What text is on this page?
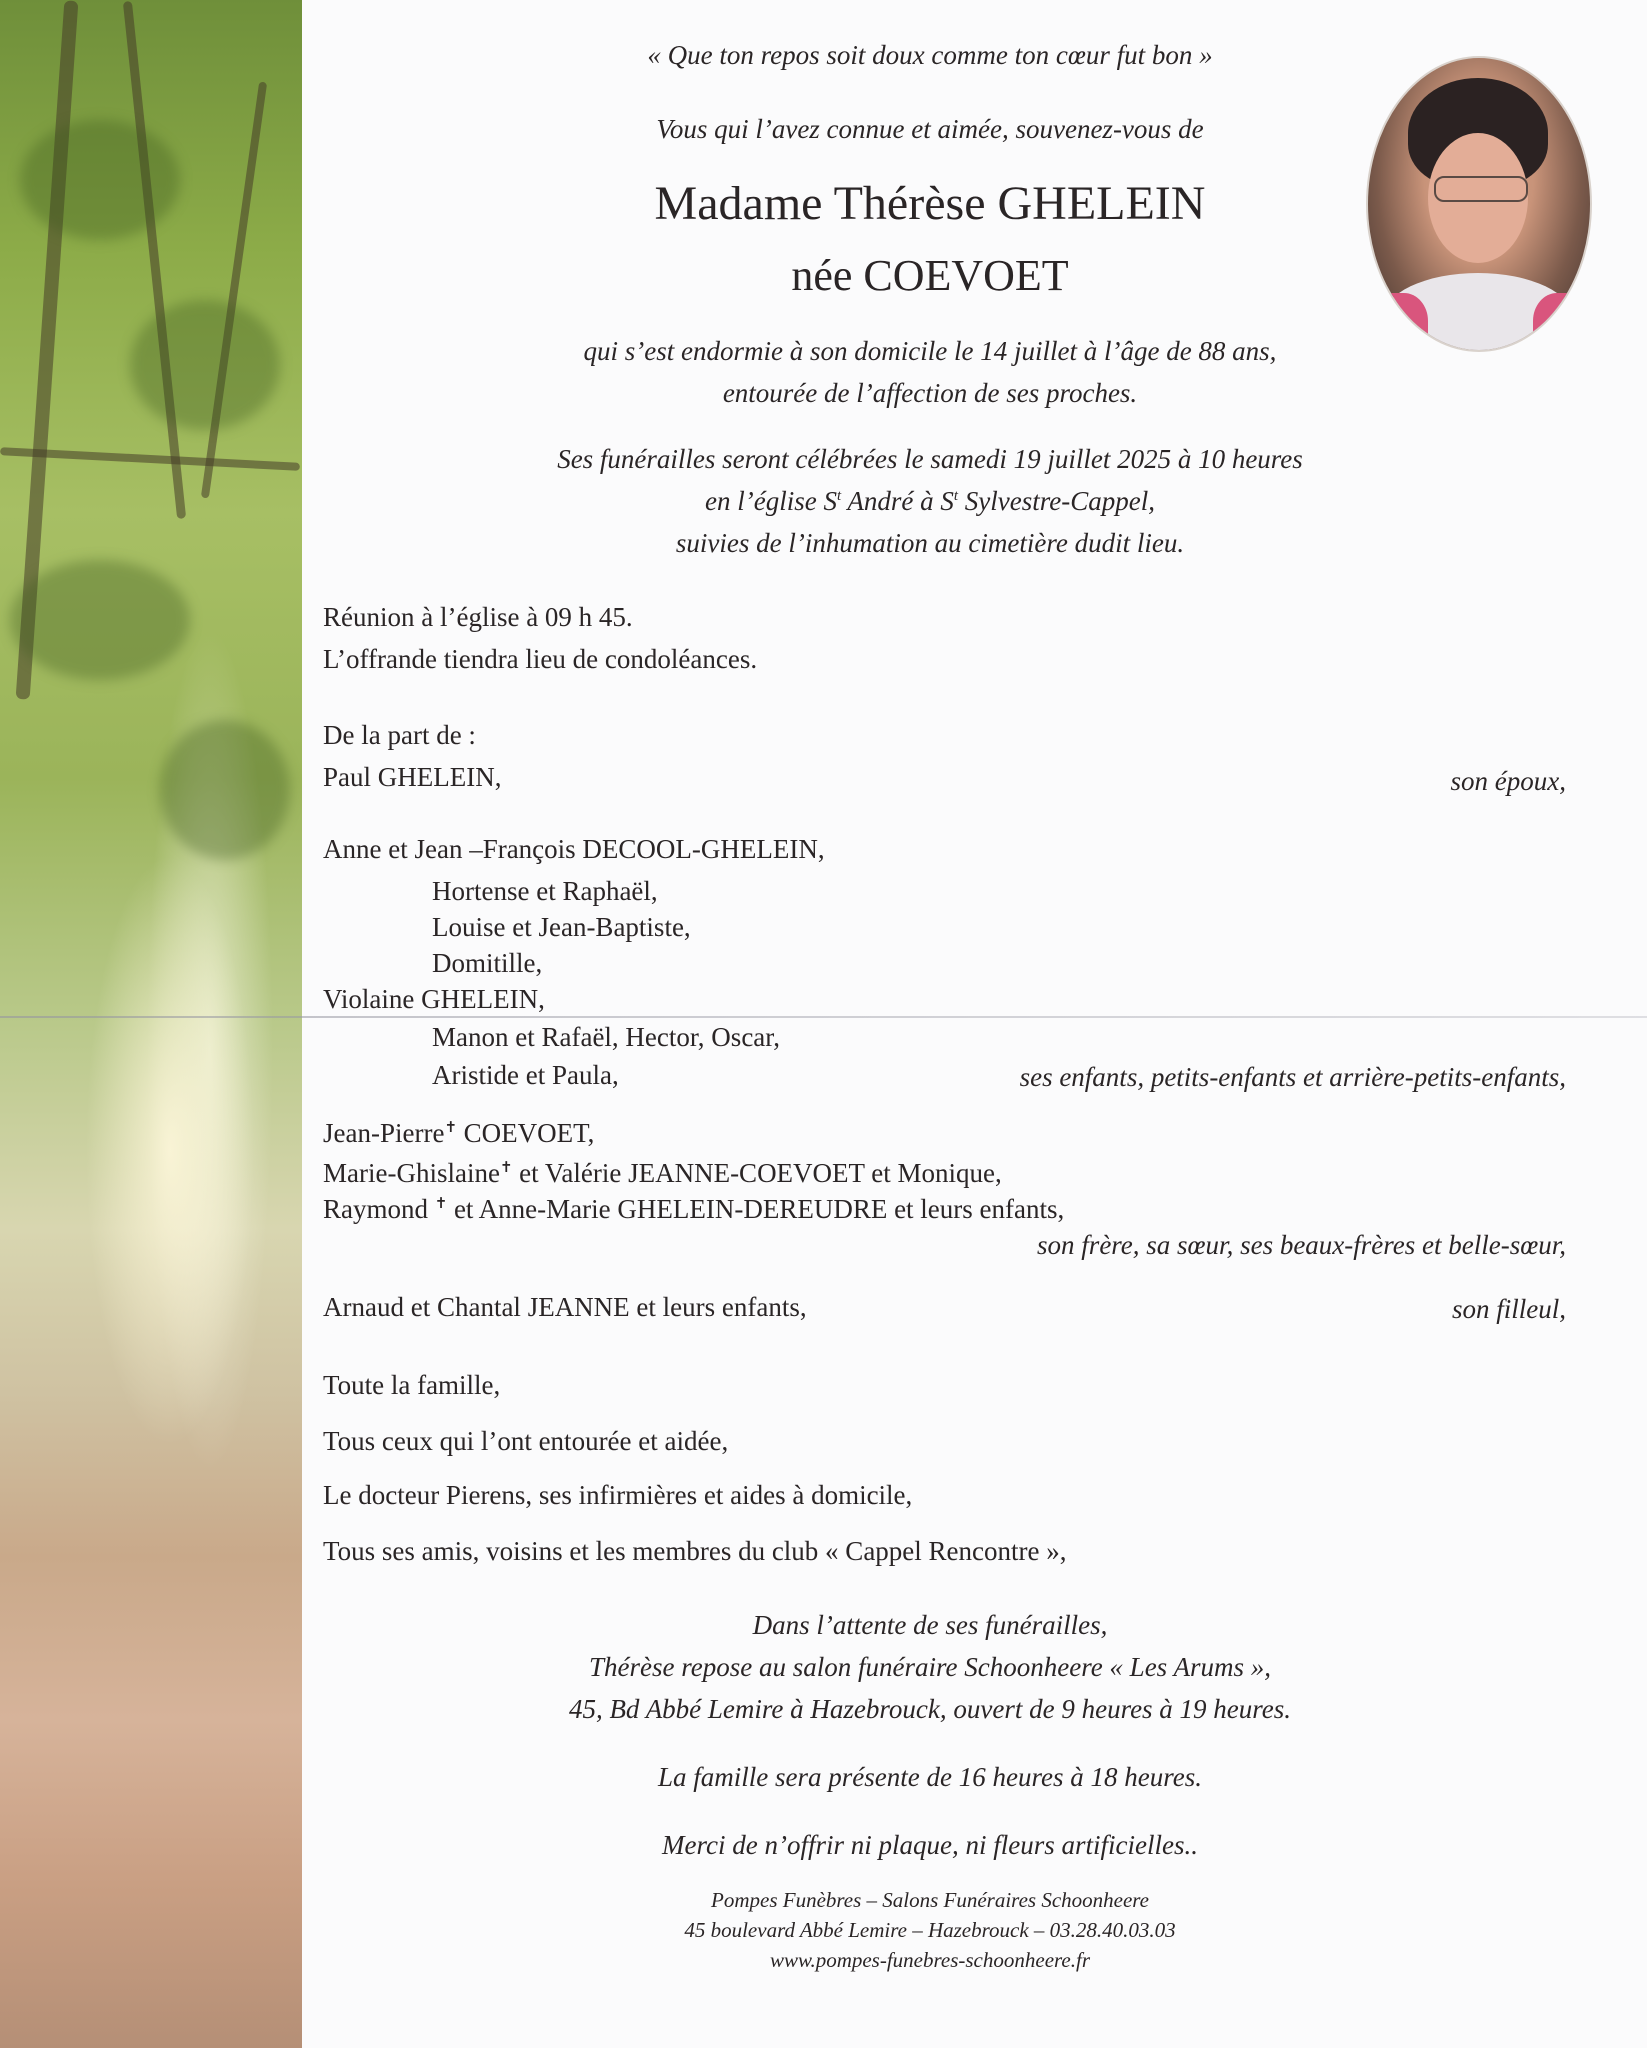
« Que ton repos soit doux comme ton cœur fut bon »
Vous qui l’avez connue et aimée, souvenez-vous de
Madame Thérèse GHELEIN
née COEVOET
qui s’est endormie à son domicile le 14 juillet à l’âge de 88 ans,
entourée de l’affection de ses proches.
Ses funérailles seront célébrées le samedi 19 juillet 2025 à 10 heures
en l’église $S^t$ André à $S^t$ Sylvestre-Cappel,
suivies de l’inhumation au cimetière dudit lieu.
Réunion à l’église à 09 h 45.
L’offrande tiendra lieu de condoléances.
De la part de :
Paul GHELEIN,	son époux,
Anne et Jean –François DECOOL-GHELEIN,
Hortense et Raphaël,
Louise et Jean-Baptiste,
Domitille,
Violaine GHELEIN,
Manon et Rafaël, Hector, Oscar,
Aristide et Paula,	ses enfants, petits-enfants et arrière-petits-enfants,
Jean-Pierre✝ COEVOET,
Marie-Ghislaine✝ et Valérie JEANNE-COEVOET et Monique,
Raymond ✝ et Anne-Marie GHELEIN-DEREUDRE et leurs enfants,
son frère, sa sœur, ses beaux-frères et belle-sœur,
Arnaud et Chantal JEANNE et leurs enfants,	son filleul,
Toute la famille,
Tous ceux qui l’ont entourée et aidée,
Le docteur Pierens, ses infirmières et aides à domicile,
Tous ses amis, voisins et les membres du club « Cappel Rencontre »,
Dans l’attente de ses funérailles,
Thérèse repose au salon funéraire Schoonheere « Les Arums »,
45, Bd Abbé Lemire à Hazebrouck, ouvert de 9 heures à 19 heures.
La famille sera présente de 16 heures à 18 heures.
Merci de n’offrir ni plaque, ni fleurs artificielles..
Pompes Funèbres – Salons Funéraires Schoonheere
45 boulevard Abbé Lemire – Hazebrouck – 03.28.40.03.03
www.pompes-funebres-schoonheere.fr
